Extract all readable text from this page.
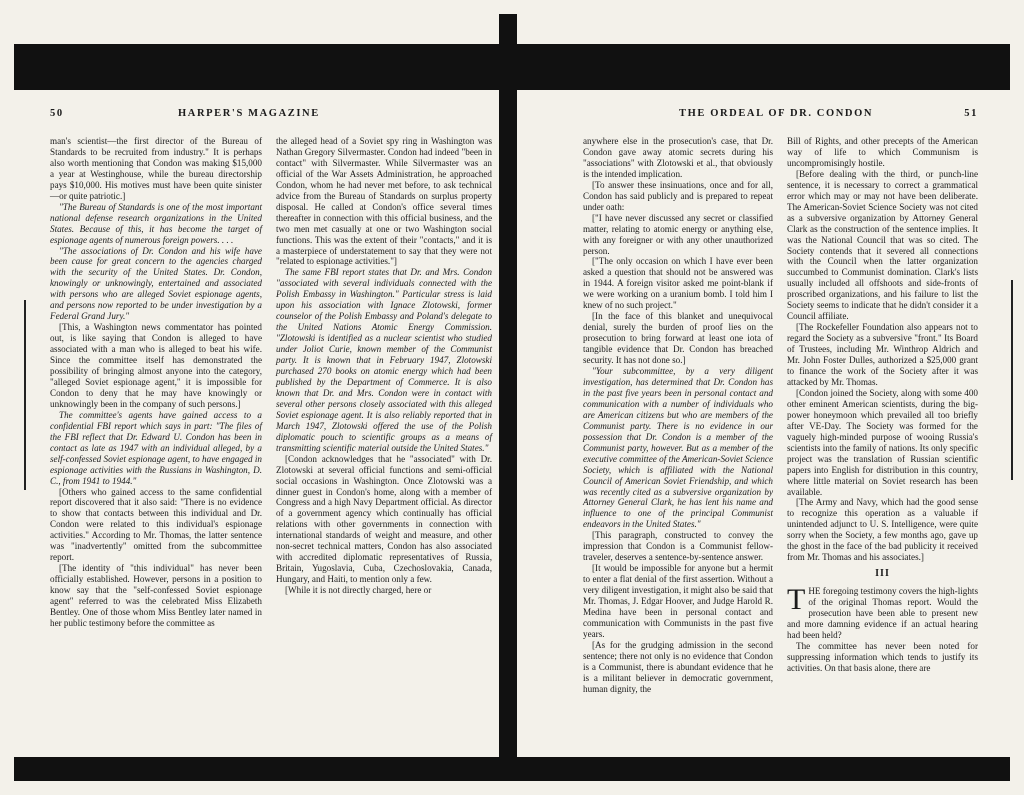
50	HARPER'S MAGAZINE

man's scientist—the first director of the Bureau of Standards to be recruited from industry." It is perhaps also worth mentioning that Condon was making $15,000 a year at Westinghouse, while the bureau directorship pays $10,000. His motives must have been quite sinister—or quite patriotic.]

"The Bureau of Standards is one of the most important national defense research organizations in the United States. Because of this, it has become the target of espionage agents of numerous foreign powers. . . .

"The associations of Dr. Condon and his wife have been cause for great concern to the agencies charged with the security of the United States. Dr. Condon, knowingly or unknowingly, entertained and associated with persons who are alleged Soviet espionage agents, and persons now reported to be under investigation by a Federal Grand Jury."

[This, a Washington news commentator has pointed out, is like saying that Condon is alleged to have associated with a man who is alleged to beat his wife. Since the committee itself has demonstrated the possibility of bringing almost anyone into the category, "alleged Soviet espionage agent," it is impossible for Condon to deny that he may have knowingly or unknowingly been in the company of such persons.]

The committee's agents have gained access to a confidential FBI report which says in part: "The files of the FBI reflect that Dr. Edward U. Condon has been in contact as late as 1947 with an individual alleged, by a self-confessed Soviet espionage agent, to have engaged in espionage activities with the Russians in Washington, D. C., from 1941 to 1944."

[Others who gained access to the same confidential report discovered that it also said: "There is no evidence to show that contacts between this individual and Dr. Condon were related to this individual's espionage activities." According to Mr. Thomas, the latter sentence was "inadvertently" omitted from the subcommittee report.

[The identity of "this individual" has never been officially established. However, persons in a position to know say that the "self-confessed Soviet espionage agent" referred to was the celebrated Miss Elizabeth Bentley. One of those whom Miss Bentley later named in her public testimony before the committee as

the alleged head of a Soviet spy ring in Washington was Nathan Gregory Silvermaster. Condon had indeed "been in contact" with Silvermaster. While Silvermaster was an official of the War Assets Administration, he approached Condon, whom he had never met before, to ask technical advice from the Bureau of Standards on surplus property disposal. He called at Condon's office several times thereafter in connection with this official business, and the two men met casually at one or two Washington social functions. This was the extent of their "contacts," and it is a masterpiece of understatement to say that they were not "related to espionage activities."]

The same FBI report states that Dr. and Mrs. Condon "associated with several individuals connected with the Polish Embassy in Washington." Particular stress is laid upon his association with Ignace Zlotowski, former counselor of the Polish Embassy and Poland's delegate to the United Nations Atomic Energy Commission. "Zlotowski is identified as a nuclear scientist who studied under Joliot Curie, known member of the Communist party. It is known that in February 1947, Zlotowski purchased 270 books on atomic energy which had been published by the Department of Commerce. It is also known that Dr. and Mrs. Condon were in contact with several other persons closely associated with this alleged Soviet espionage agent. It is also reliably reported that in March 1947, Zlotowski offered the use of the Polish diplomatic pouch to scientific groups as a means of transmitting scientific material outside the United States."

[Condon acknowledges that he "associated" with Dr. Zlotowski at several official functions and semi-official social occasions in Washington. Once Zlotowski was a dinner guest in Condon's home, along with a member of Congress and a high Navy Department official. As director of a government agency which continually has official relations with other governments in connection with international standards of weight and measure, and other non-secret technical matters, Condon has also associated with accredited diplomatic representatives of Russia, Britain, Yugoslavia, Cuba, Czechoslovakia, Canada, Hungary, and Haiti, to mention only a few.

[While it is not directly charged, here or

THE ORDEAL OF DR. CONDON	51

anywhere else in the prosecution's case, that Dr. Condon gave away atomic secrets during his "associations" with Zlotowski et al., that obviously is the intended implication.

[To answer these insinuations, once and for all, Condon has said publicly and is prepared to repeat under oath:

["I have never discussed any secret or classified matter, relating to atomic energy or anything else, with any foreigner or with any other unauthorized person.

["The only occasion on which I have ever been asked a question that should not be answered was in 1944. A foreign visitor asked me point-blank if we were working on a uranium bomb. I told him I knew of no such project."

[In the face of this blanket and unequivocal denial, surely the burden of proof lies on the prosecution to bring forward at least one iota of tangible evidence that Dr. Condon has breached security. It has not done so.]

"Your subcommittee, by a very diligent investigation, has determined that Dr. Condon has in the past five years been in personal contact and communication with a number of individuals who are American citizens but who are members of the Communist party. There is no evidence in our possession that Dr. Condon is a member of the Communist party, however. But as a member of the executive committee of the American-Soviet Science Society, which is affiliated with the National Council of American Soviet Friendship, and which was recently cited as a subversive organization by Attorney General Clark, he has lent his name and influence to one of the principal Communist endeavors in the United States."

[This paragraph, constructed to convey the impression that Condon is a Communist fellow-traveler, deserves a sentence-by-sentence answer.

[It would be impossible for anyone but a hermit to enter a flat denial of the first assertion. Without a very diligent investigation, it might also be said that Mr. Thomas, J. Edgar Hoover, and Judge Harold R. Medina have been in personal contact and communication with Communists in the past five years.

[As for the grudging admission in the second sentence; there not only is no evidence that Condon is a Communist, there is abundant evidence that he is a militant believer in democratic government, human dignity, the

Bill of Rights, and other precepts of the American way of life to which Communism is uncompromisingly hostile.

[Before dealing with the third, or punch-line sentence, it is necessary to correct a grammatical error which may or may not have been deliberate. The American-Soviet Science Society was not cited as a subversive organization by Attorney General Clark as the construction of the sentence implies. It was the National Council that was so cited. The Society contends that it severed all connections with the Council when the latter organization succumbed to Communist domination. Clark's lists usually included all offshoots and side-fronts of proscribed organizations, and his failure to list the Society seems to indicate that he didn't consider it a Council affiliate.

[The Rockefeller Foundation also appears not to regard the Society as a subversive "front." Its Board of Trustees, including Mr. Winthrop Aldrich and Mr. John Foster Dulles, authorized a $25,000 grant to finance the work of the Society after it was attacked by Mr. Thomas.

[Condon joined the Society, along with some 400 other eminent American scientists, during the big-power honeymoon which prevailed all too briefly after VE-Day. The Society was formed for the vaguely high-minded purpose of wooing Russia's scientists into the family of nations. Its only specific project was the translation of Russian scientific papers into English for distribution in this country, where little material on Soviet research has been available.

[The Army and Navy, which had the good sense to recognize this operation as a valuable if unintended adjunct to U. S. Intelligence, were quite sorry when the Society, a few months ago, gave up the ghost in the face of the bad publicity it received from Mr. Thomas and his associates.]

III

THE foregoing testimony covers the high-lights of the original Thomas report. Would the prosecution have been able to present new and more damning evidence if an actual hearing had been held?

The committee has never been noted for suppressing information which tends to justify its activities. On that basis alone, there are
